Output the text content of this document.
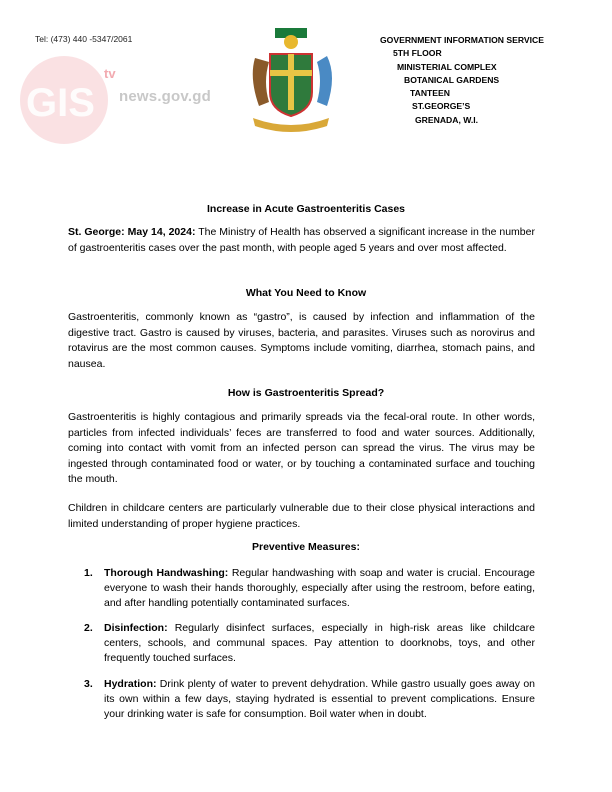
Tel: (473) 440 -5347/2061
GIS
tv
news.gov.gd
GOVERNMENT INFORMATION SERVICE
5TH FLOOR
MINISTERIAL COMPLEX
BOTANICAL GARDENS
TANTEEN
ST.GEORGE’S
GRENADA, W.I.
Increase in Acute Gastroenteritis Cases
St. George: May 14, 2024: The Ministry of Health has observed a significant increase in the number of gastroenteritis cases over the past month, with people aged 5 years and over most affected.
What You Need to Know
Gastroenteritis, commonly known as “gastro”, is caused by infection and inflammation of the digestive tract. Gastro is caused by viruses, bacteria, and parasites. Viruses such as norovirus and rotavirus are the most common causes. Symptoms include vomiting, diarrhea, stomach pains, and nausea.
How is Gastroenteritis Spread?
Gastroenteritis is highly contagious and primarily spreads via the fecal-oral route. In other words, particles from infected individuals’ feces are transferred to food and water sources. Additionally, coming into contact with vomit from an infected person can spread the virus. The virus may be ingested through contaminated food or water, or by touching a contaminated surface and touching the mouth.
Children in childcare centers are particularly vulnerable due to their close physical interactions and limited understanding of proper hygiene practices.
Preventive Measures:
1. Thorough Handwashing: Regular handwashing with soap and water is crucial. Encourage everyone to wash their hands thoroughly, especially after using the restroom, before eating, and after handling potentially contaminated surfaces.
2. Disinfection: Regularly disinfect surfaces, especially in high-risk areas like childcare centers, schools, and communal spaces. Pay attention to doorknobs, toys, and other frequently touched surfaces.
3. Hydration: Drink plenty of water to prevent dehydration. While gastro usually goes away on its own within a few days, staying hydrated is essential to prevent complications. Ensure your drinking water is safe for consumption. Boil water when in doubt.
